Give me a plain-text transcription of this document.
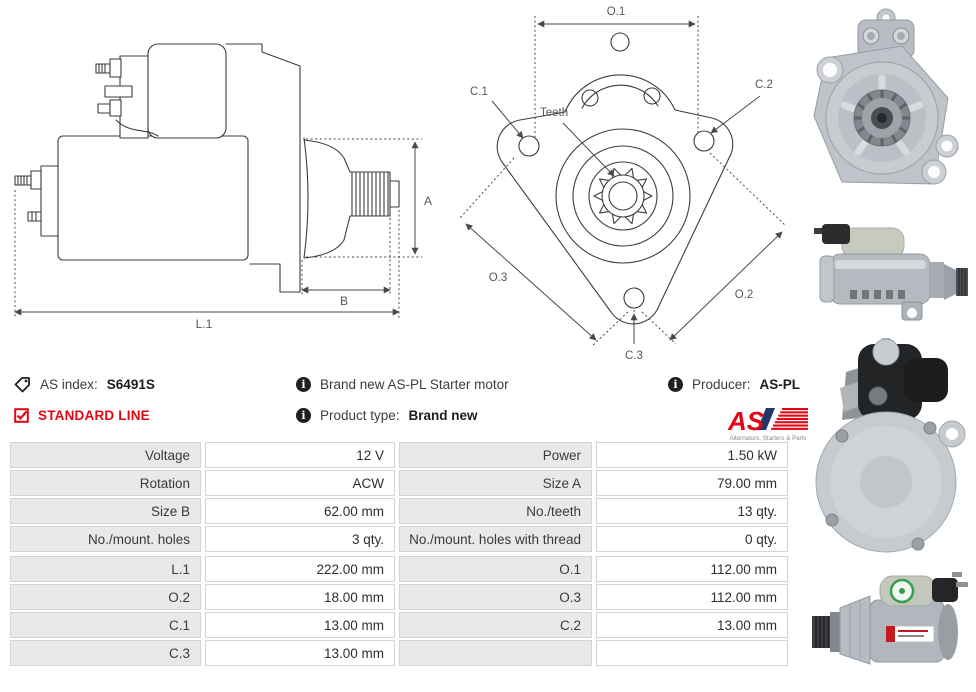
A
B
L.1
O.1
C.1
C.2
Teeth
O.3
O.2
C.3
AS index: S6491S
STANDARD LINE
i	Brand new AS-PL Starter motor
i	Product type: Brand new
i	Producer: AS-PL
AS
Alternators, Starters & Parts
Voltage	12 V	Power	1.50 kW
Rotation	ACW	Size A	79.00 mm
Size B	62.00 mm	No./teeth	13 qty.
No./mount. holes	3 qty.	No./mount. holes with thread	0 qty.
L.1	222.00 mm	O.1	112.00 mm
O.2	18.00 mm	O.3	112.00 mm
C.1	13.00 mm	C.2	13.00 mm
C.3	13.00 mm
